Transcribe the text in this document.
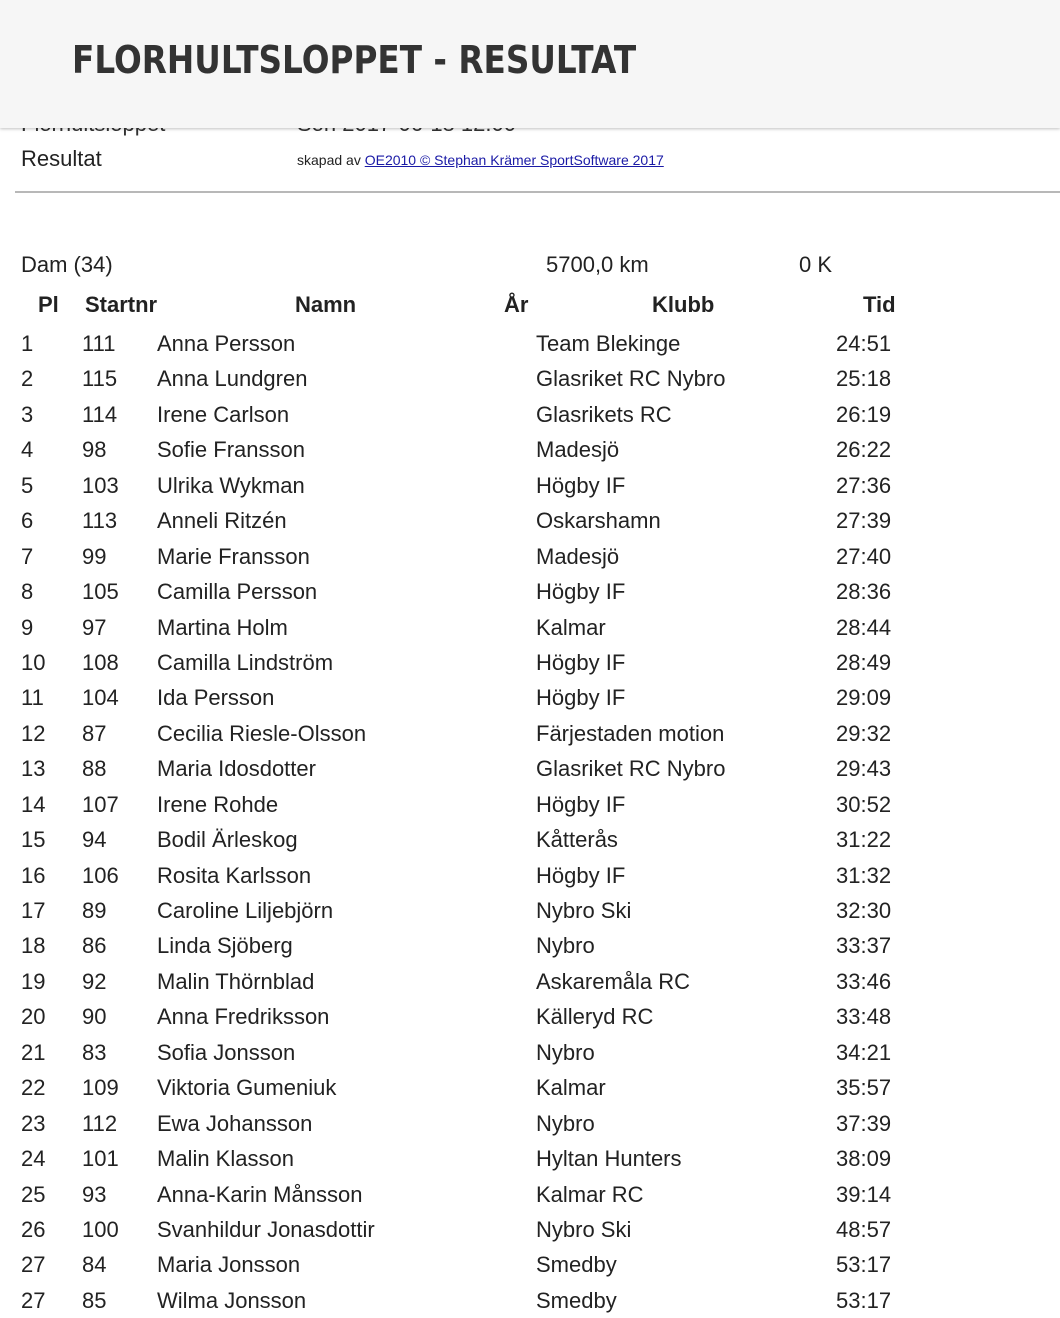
FLORHULTSLOPPET - RESULTAT
Resultat	skapad av OE2010 © Stephan Krämer SportSoftware 2017
Dam (34)	5700,0 km	0 K
Pl Startnr	Namn	År	Klubb	Tid
1 111 Anna Persson	Team Blekinge	24:51
2 115 Anna Lundgren	Glasriket RC Nybro	25:18
3 114 Irene Carlson	Glasrikets RC	26:19
4 98 Sofie Fransson	Madesjö	26:22
5 103 Ulrika Wykman	Högby IF	27:36
6 113 Anneli Ritzén	Oskarshamn	27:39
7 99 Marie Fransson	Madesjö	27:40
8 105 Camilla Persson	Högby IF	28:36
9 97 Martina Holm	Kalmar	28:44
10 108 Camilla Lindström	Högby IF	28:49
11 104 Ida Persson	Högby IF	29:09
12 87 Cecilia Riesle-Olsson	Färjestaden motion	29:32
13 88 Maria Idosdotter	Glasriket RC Nybro	29:43
14 107 Irene Rohde	Högby IF	30:52
15 94 Bodil Ärleskog	Kåtterås	31:22
16 106 Rosita Karlsson	Högby IF	31:32
17 89 Caroline Liljebjörn	Nybro Ski	32:30
18 86 Linda Sjöberg	Nybro	33:37
19 92 Malin Thörnblad	Askaremåla RC	33:46
20 90 Anna Fredriksson	Källeryd RC	33:48
21 83 Sofia Jonsson	Nybro	34:21
22 109 Viktoria Gumeniuk	Kalmar	35:57
23 112 Ewa Johansson	Nybro	37:39
24 101 Malin Klasson	Hyltan Hunters	38:09
25 93 Anna-Karin Månsson	Kalmar RC	39:14
26 100 Svanhildur Jonasdottir	Nybro Ski	48:57
27 84 Maria Jonsson	Smedby	53:17
27 85 Wilma Jonsson	Smedby	53:17
